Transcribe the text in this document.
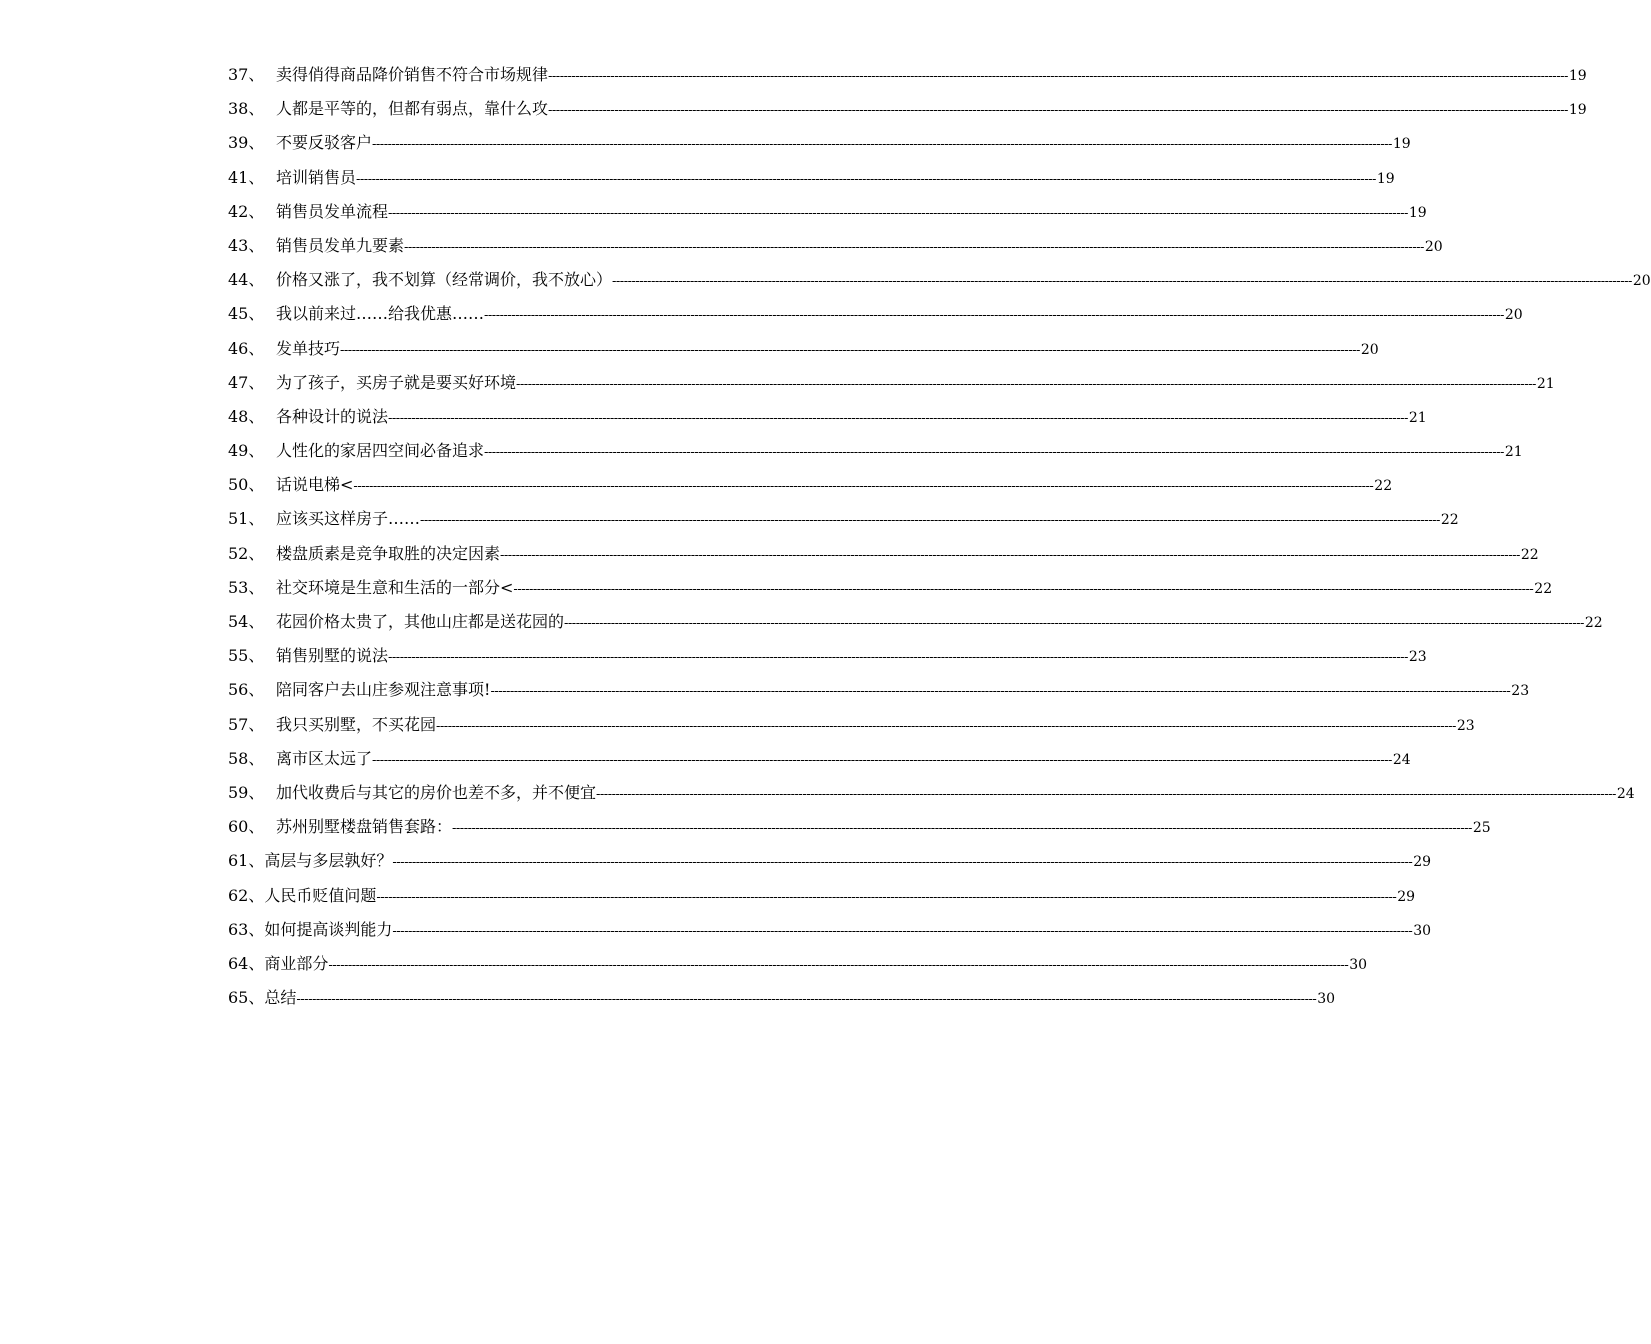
37、 卖得俏得商品降价销售不符合市场规律 -----	19
38、 人都是平等的，但都有弱点，靠什么攻 -----	19
39、 不要反驳客户 -----	19
41、 培训销售员 -----	19
42、 销售员发单流程 -----	19
43、 销售员发单九要素 -----	20
44、 价格又涨了，我不划算（经常调价，我不放心） -----	20
45、 我以前来过……给我优惠…… -----	20
46、 发单技巧 -----	20
47、 为了孩子，买房子就是要买好环境 -----	21
48、 各种设计的说法 -----	21
49、 人性化的家居四空间必备追求 -----	21
50、 话说电梯< -----	22
51、 应该买这样房子…… -----	22
52、 楼盘质素是竞争取胜的决定因素 -----	22
53、 社交环境是生意和生活的一部分< -----	22
54、 花园价格太贵了，其他山庄都是送花园的 -----	22
55、 销售别墅的说法 -----	23
56、 陪同客户去山庄参观注意事项! -----	23
57、 我只买别墅，不买花园 -----	23
58、 离市区太远了 -----	24
59、 加代收费后与其它的房价也差不多，并不便宜 -----	24
60、 苏州别墅楼盘销售套路： -----	25
61、 高层与多层孰好？ -----	29
62、 人民币贬值问题 -----	29
63、 如何提高谈判能力 -----	30
64、 商业部分 -----	30
65、 总结 -----	30
